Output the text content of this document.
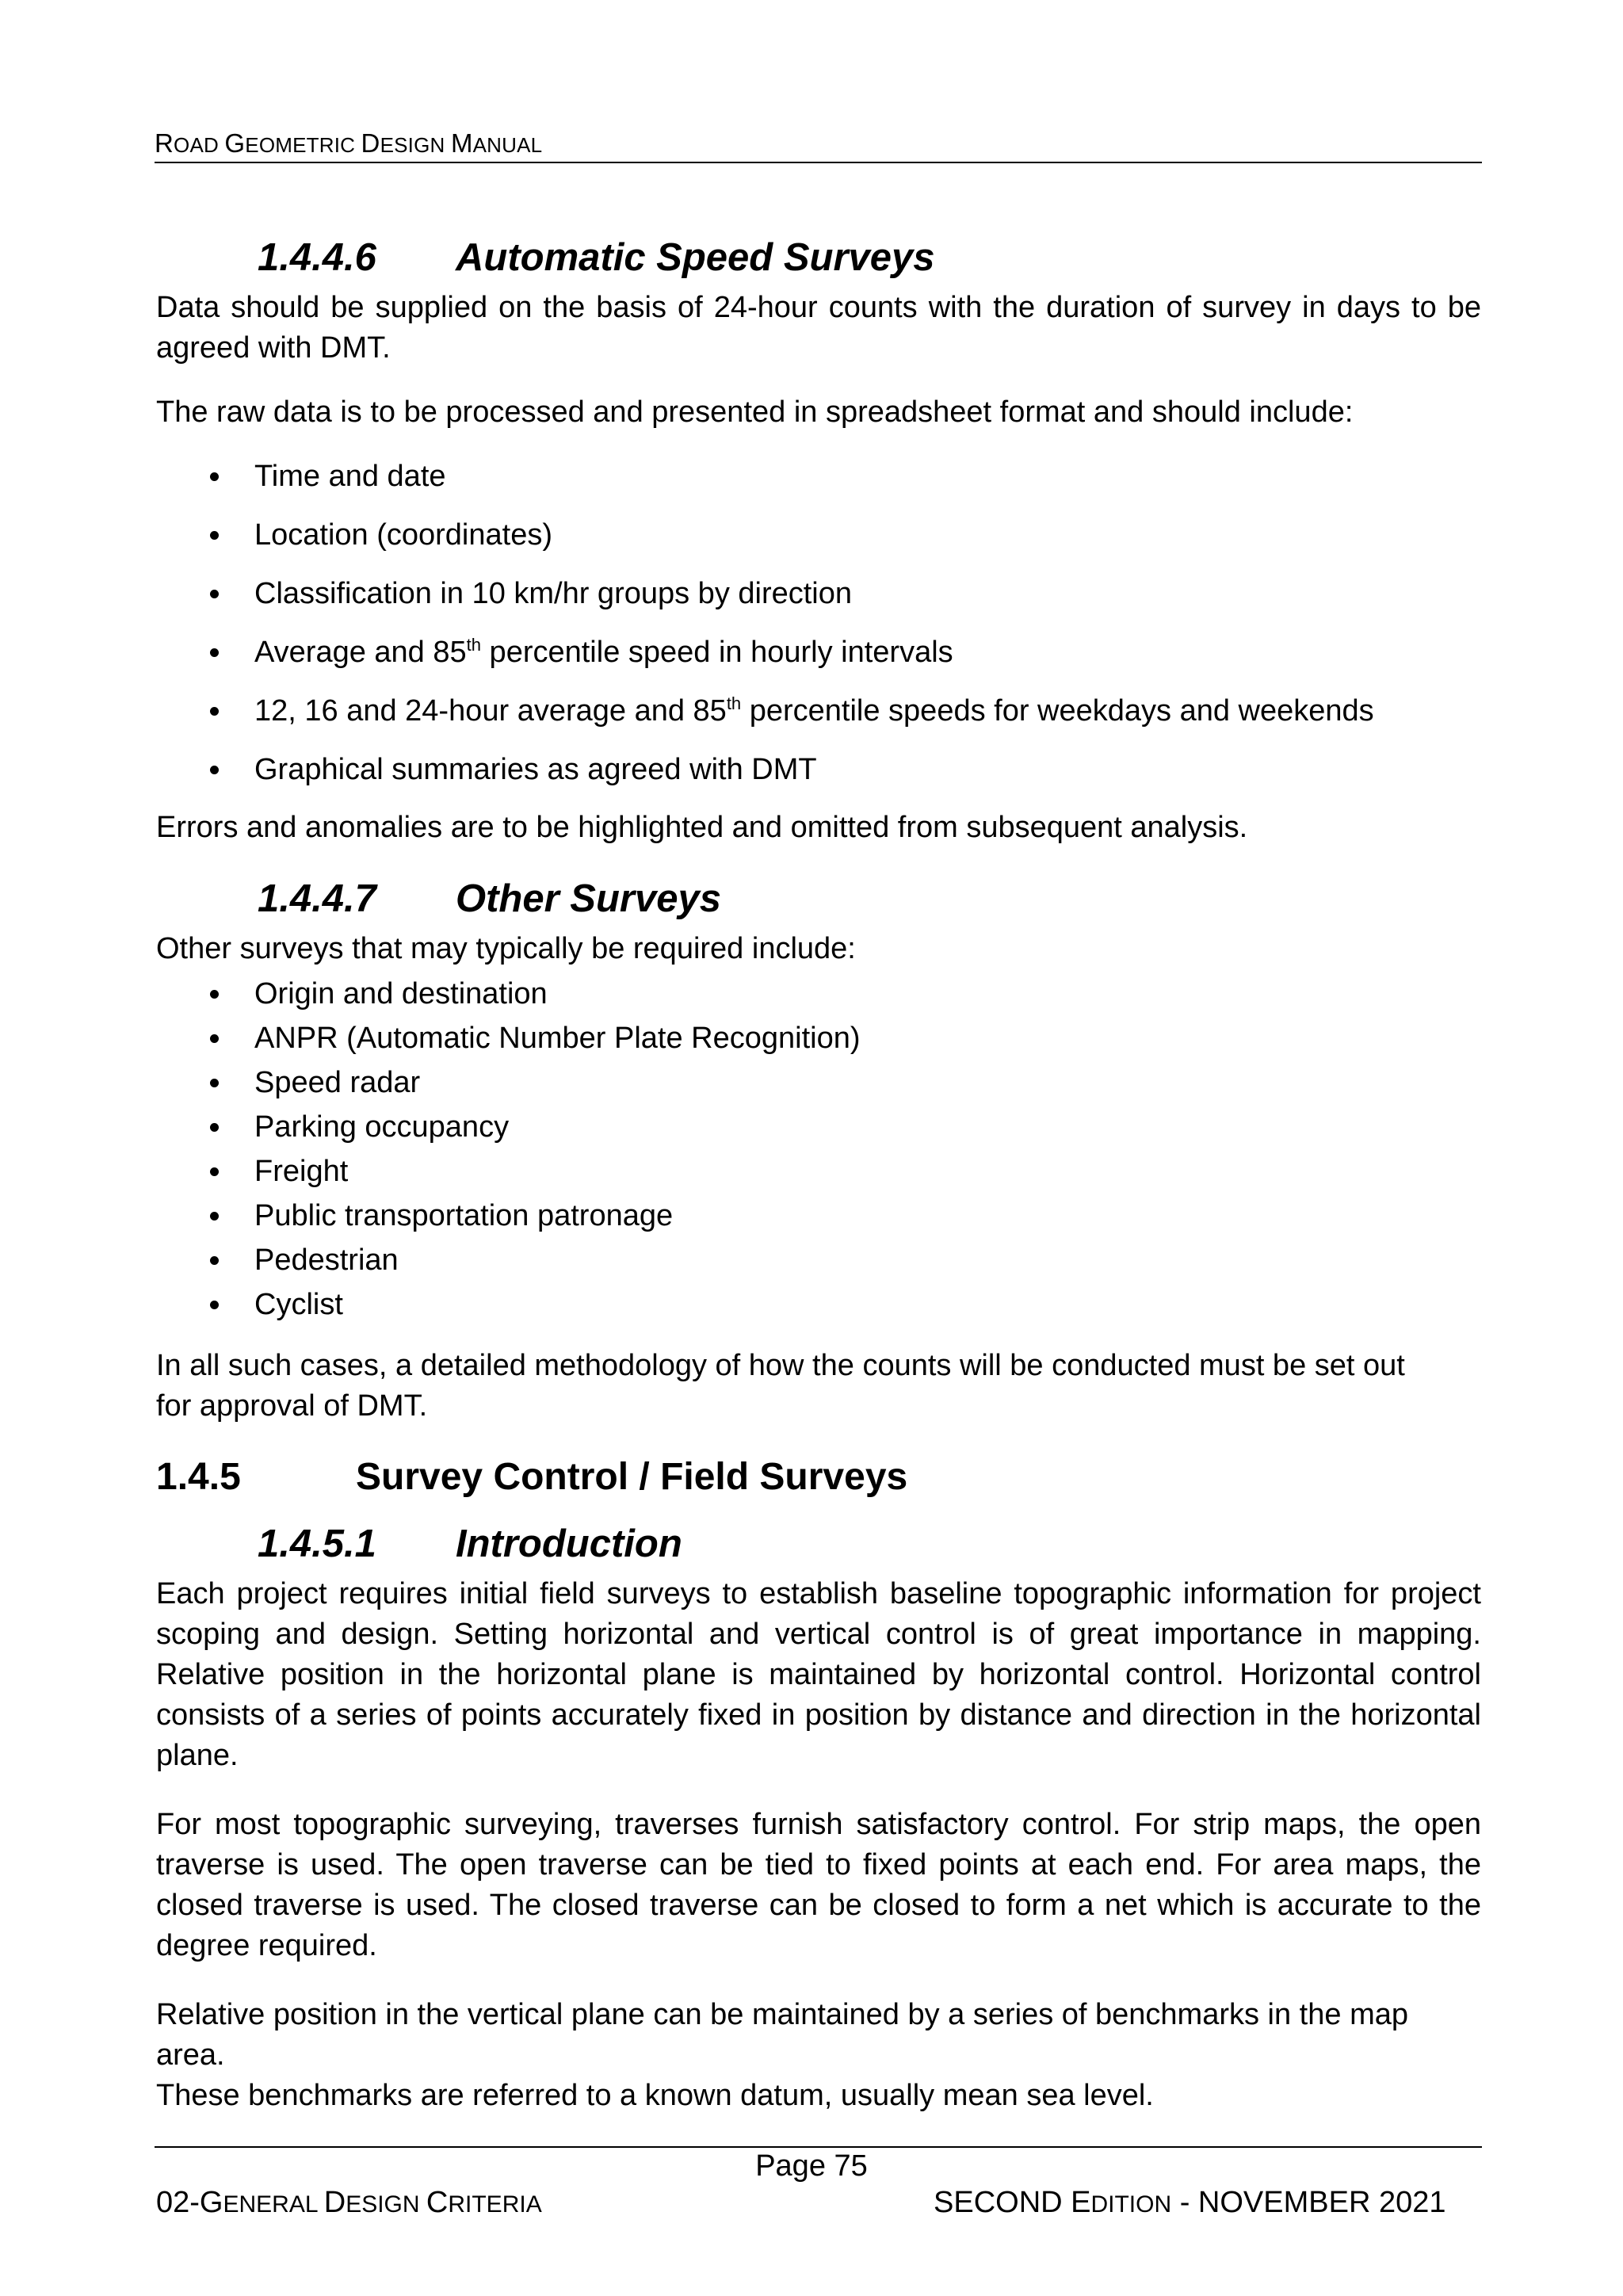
ROAD GEOMETRIC DESIGN MANUAL
1.4.4.6	Automatic Speed Surveys

Data should be supplied on the basis of 24-hour counts with the duration of survey in days to be agreed with DMT.

The raw data is to be processed and presented in spreadsheet format and should include:

Time and date
Location (coordinates)
Classification in 10 km/hr groups by direction
Average and 85th percentile speed in hourly intervals
12, 16 and 24-hour average and 85th percentile speeds for weekdays and weekends
Graphical summaries as agreed with DMT

Errors and anomalies are to be highlighted and omitted from subsequent analysis.

1.4.4.7	Other Surveys

Other surveys that may typically be required include:

Origin and destination
ANPR (Automatic Number Plate Recognition)
Speed radar
Parking occupancy
Freight
Public transportation patronage
Pedestrian
Cyclist

In all such cases, a detailed methodology of how the counts will be conducted must be set out
for approval of DMT.

1.4.5	Survey Control / Field Surveys
1.4.5.1	Introduction

Each project requires initial field surveys to establish baseline topographic information for project scoping and design. Setting horizontal and vertical control is of great importance in mapping. Relative position in the horizontal plane is maintained by horizontal control. Horizontal control consists of a series of points accurately fixed in position by distance and direction in the horizontal plane.

For most topographic surveying, traverses furnish satisfactory control. For strip maps, the open traverse is used. The open traverse can be tied to fixed points at each end. For area maps, the closed traverse is used. The closed traverse can be closed to form a net which is accurate to the degree required.

Relative position in the vertical plane can be maintained by a series of benchmarks in the map area.
These benchmarks are referred to a known datum, usually mean sea level.

Page 75
02-GENERAL DESIGN CRITERIA	SECOND EDITION - NOVEMBER 2021
